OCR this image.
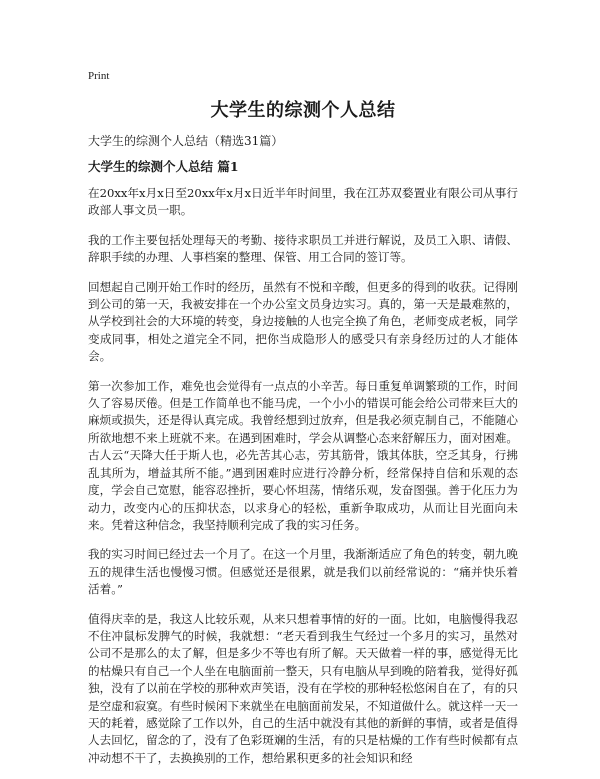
Print
大学生的综测个人总结

大学生的综测个人总结（精选31篇）

大学生的综测个人总结 篇1

在20xx年x月x日至20xx年x月x日近半年时间里，我在江苏双婺置业有限公司从事行政部人事文员一职。

我的工作主要包括处理每天的考勤、接待求职员工并进行解说，及员工入职、请假、辞职手续的办理、人事档案的整理、保管、用工合同的签订等。

回想起自己刚开始工作时的经历，虽然有不悦和辛酸，但更多的得到的收获。记得刚到公司的第一天，我被安排在一个办公室文员身边实习。真的，第一天是最难熬的，从学校到社会的大环境的转变，身边接触的人也完全换了角色，老师变成老板，同学变成同事，相处之道完全不同，把你当成隐形人的感受只有亲身经历过的人才能体会。

第一次参加工作，难免也会觉得有一点点的小辛苦。每日重复单调繁琐的工作，时间久了容易厌倦。但是工作简单也不能马虎，一个小小的错误可能会给公司带来巨大的麻烦或损失，还是得认真完成。我曾经想到过放弃，但是我必须克制自己，不能随心所欲地想不来上班就不来。在遇到困难时，学会从调整心态来舒解压力，面对困难。古人云“天降大任于斯人也，必先苦其心志，劳其筋骨，饿其体肤，空乏其身，行拂乱其所为，增益其所不能。”遇到困难时应进行冷静分析，经常保持自信和乐观的态度，学会自己宽慰，能容忍挫折，要心怀坦荡，情绪乐观，发奋图强。善于化压力为动力，改变内心的压抑状态，以求身心的轻松，重新争取成功，从而让目光面向未来。凭着这种信念，我坚持顺利完成了我的实习任务。

我的实习时间已经过去一个月了。在这一个月里，我渐渐适应了角色的转变，朝九晚五的规律生活也慢慢习惯。但感觉还是很累，就是我们以前经常说的：“痛并快乐着活着。”

值得庆幸的是，我这人比较乐观，从来只想着事情的好的一面。比如，电脑慢得我忍不住冲鼠标发脾气的时候，我就想：“老天看到我生气经过一个多月的实习，虽然对公司不是那么的太了解，但是多少不等也有所了解。天天做着一样的事，感觉得无比的枯燥只有自己一个人坐在电脑面前一整天，只有电脑从早到晚的陪着我，觉得好孤独，没有了以前在学校的那种欢声笑语，没有在学校的那种轻松悠闲自在了，有的只是空虚和寂寞。有些时候闲下来就坐在电脑面前发呆，不知道做什么。就这样一天一天的耗着，感觉除了工作以外，自己的生活中就没有其他的新鲜的事情，或者是值得人去回忆，留念的了，没有了色彩斑斓的生活，有的只是枯燥的工作有些时候都有点冲动想不干了，去换换别的工作，想给累积更多的社会知识和经
